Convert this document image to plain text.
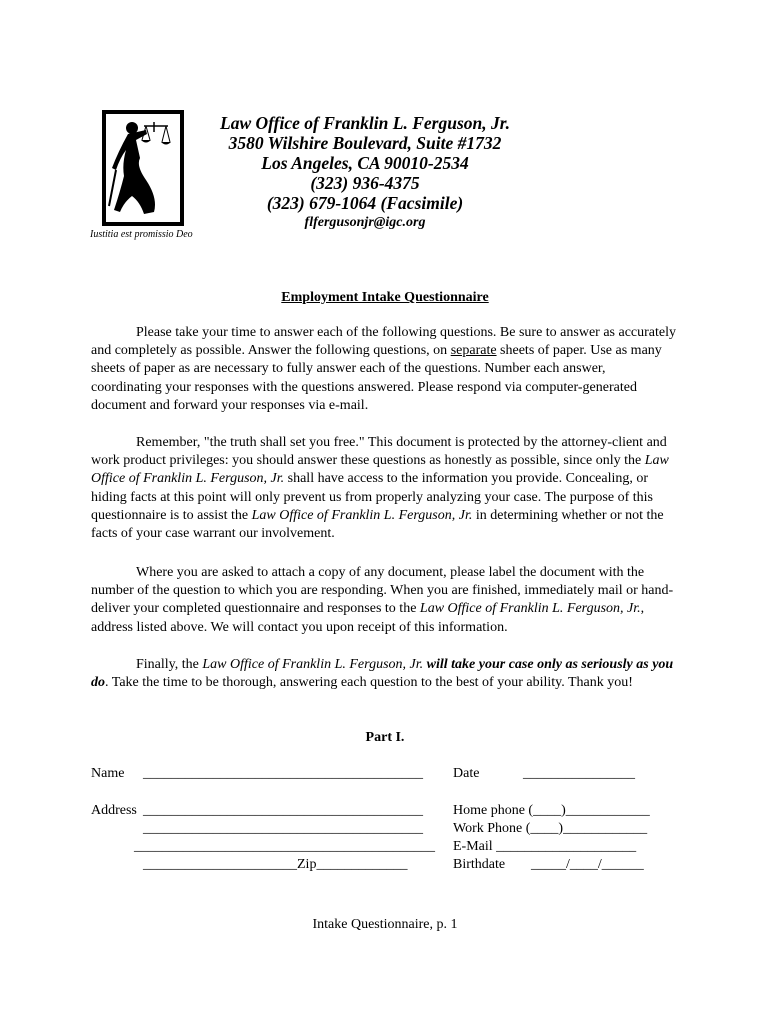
Iustitia est promissio Deo
Law Office of Franklin L. Ferguson, Jr.
3580 Wilshire Boulevard, Suite #1732
Los Angeles, CA 90010-2534
(323) 936-4375
(323) 679-1064 (Facsimile)
flfergusonjr@igc.org
Employment Intake Questionnaire

Please take your time to answer each of the following questions. Be sure to answer as accurately and completely as possible. Answer the following questions, on separate sheets of paper. Use as many sheets of paper as are necessary to fully answer each of the questions. Number each answer, coordinating your responses with the questions answered. Please respond via computer-generated document and forward your responses via e-mail.

Remember, "the truth shall set you free." This document is protected by the attorney-client and work product privileges: you should answer these questions as honestly as possible, since only the Law Office of Franklin L. Ferguson, Jr. shall have access to the information you provide. Concealing, or hiding facts at this point will only prevent us from properly analyzing your case. The purpose of this questionnaire is to assist the Law Office of Franklin L. Ferguson, Jr. in determining whether or not the facts of your case warrant our involvement.

Where you are asked to attach a copy of any document, please label the document with the number of the question to which you are responding. When you are finished, immediately mail or hand-deliver your completed questionnaire and responses to the Law Office of Franklin L. Ferguson, Jr., address listed above. We will contact you upon receipt of this information.

Finally, the Law Office of Franklin L. Ferguson, Jr. will take your case only as seriously as you do. Take the time to be thorough, answering each question to the best of your ability. Thank you!

Part I.
Name ________________________________________ Date	________________
Address ________________________________________
________________________________________
___________________________________________
______________________Zip_____________
Home phone (____)____________
Work Phone (____)____________
E-Mail ____________________
Birthdate _____/____/______
Intake Questionnaire, p. 1
